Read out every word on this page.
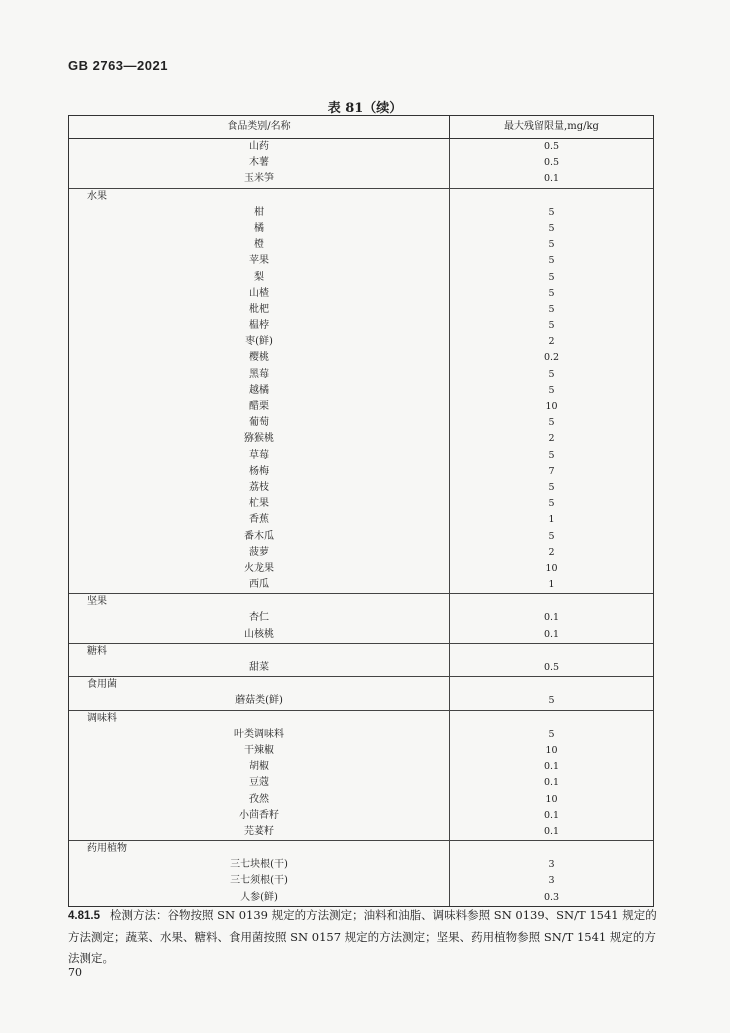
GB 2763—2021
表 81（续）
食品类别/名称	最大残留限量,mg/kg
山药	0.5
木薯	0.5
玉米笋	0.1
水果
柑	5
橘	5
橙	5
苹果	5
梨	5
山楂	5
枇杷	5
榅桲	5
枣(鲜)	2
樱桃	0.2
黑莓	5
越橘	5
醋栗	10
葡萄	5
猕猴桃	2
草莓	5
杨梅	7
荔枝	5
杧果	5
香蕉	1
番木瓜	5
菠萝	2
火龙果	10
西瓜	1
坚果
杏仁	0.1
山核桃	0.1
糖料
甜菜	0.5
食用菌
蘑菇类(鲜)	5
调味料
叶类调味料	5
干辣椒	10
胡椒	0.1
豆蔻	0.1
孜然	10
小茴香籽	0.1
芫荽籽	0.1
药用植物
三七块根(干)	3
三七须根(干)	3
人参(鲜)	0.3
4.81.5 检测方法：谷物按照 SN 0139 规定的方法测定；油料和油脂、调味料参照 SN 0139、SN/T 1541 规定的方法测定；蔬菜、水果、糖料、食用菌按照 SN 0157 规定的方法测定；坚果、药用植物参照 SN/T 1541 规定的方法测定。
70
